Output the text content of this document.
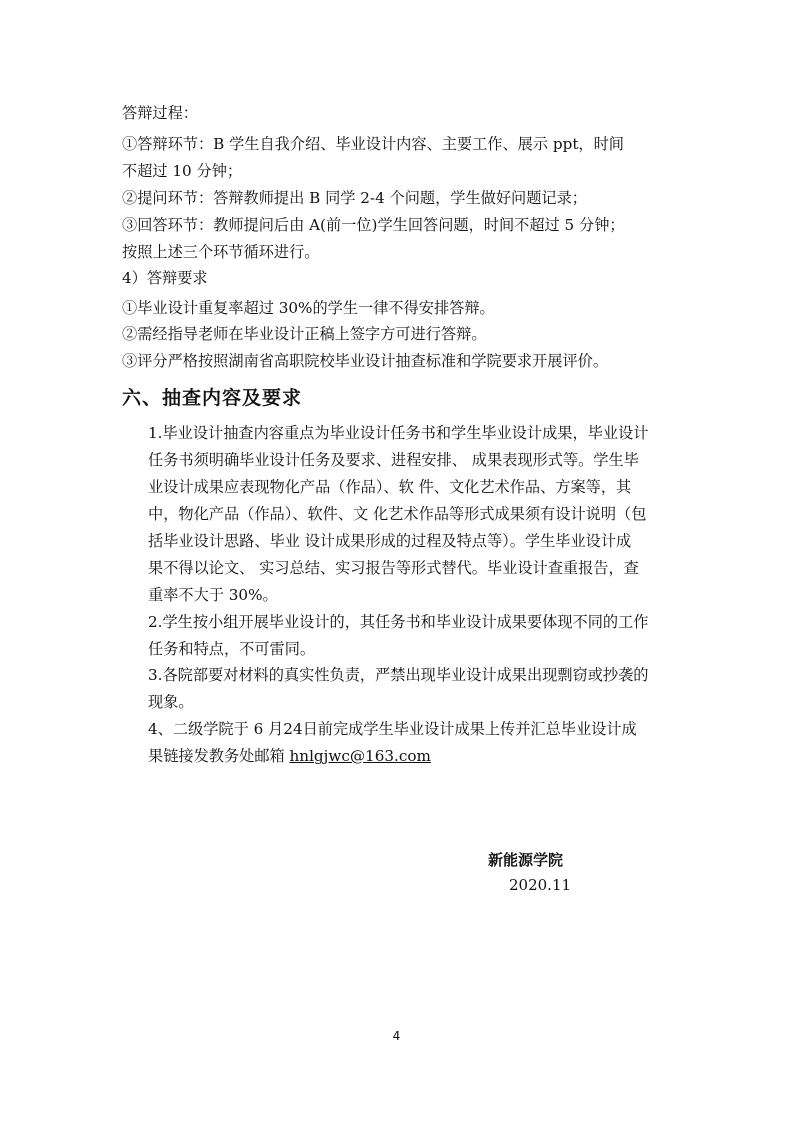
答辩过程：
①答辩环节：B 学生自我介绍、毕业设计内容、主要工作、展示 ppt，时间
不超过 10 分钟；
②提问环节：答辩教师提出 B 同学 2-4 个问题，学生做好问题记录；
③回答环节：教师提问后由 A(前一位)学生回答问题，时间不超过 5 分钟；
按照上述三个环节循环进行。
4）答辩要求
①毕业设计重复率超过 30%的学生一律不得安排答辩。
②需经指导老师在毕业设计正稿上签字方可进行答辩。
③评分严格按照湖南省高职院校毕业设计抽查标准和学院要求开展评价。
六、抽查内容及要求
1.毕业设计抽查内容重点为毕业设计任务书和学生毕业设计成果，毕业设计
任务书须明确毕业设计任务及要求、进程安排、 成果表现形式等。学生毕
业设计成果应表现物化产品（作品）、软 件、文化艺术作品、方案等，其
中，物化产品（作品）、软件、文 化艺术作品等形式成果须有设计说明（包
括毕业设计思路、毕业 设计成果形成的过程及特点等）。学生毕业设计成
果不得以论文、 实习总结、实习报告等形式替代。毕业设计查重报告，查
重率不大于 30%。
2.学生按小组开展毕业设计的，其任务书和毕业设计成果要体现不同的工作
任务和特点，不可雷同。
3.各院部要对材料的真实性负责，严禁出现毕业设计成果出现剽窃或抄袭的
现象。
4、二级学院于 6 月24日前完成学生毕业设计成果上传并汇总毕业设计成
果链接发教务处邮箱 hnlgjwc@163.com
新能源学院
2020.11
4
